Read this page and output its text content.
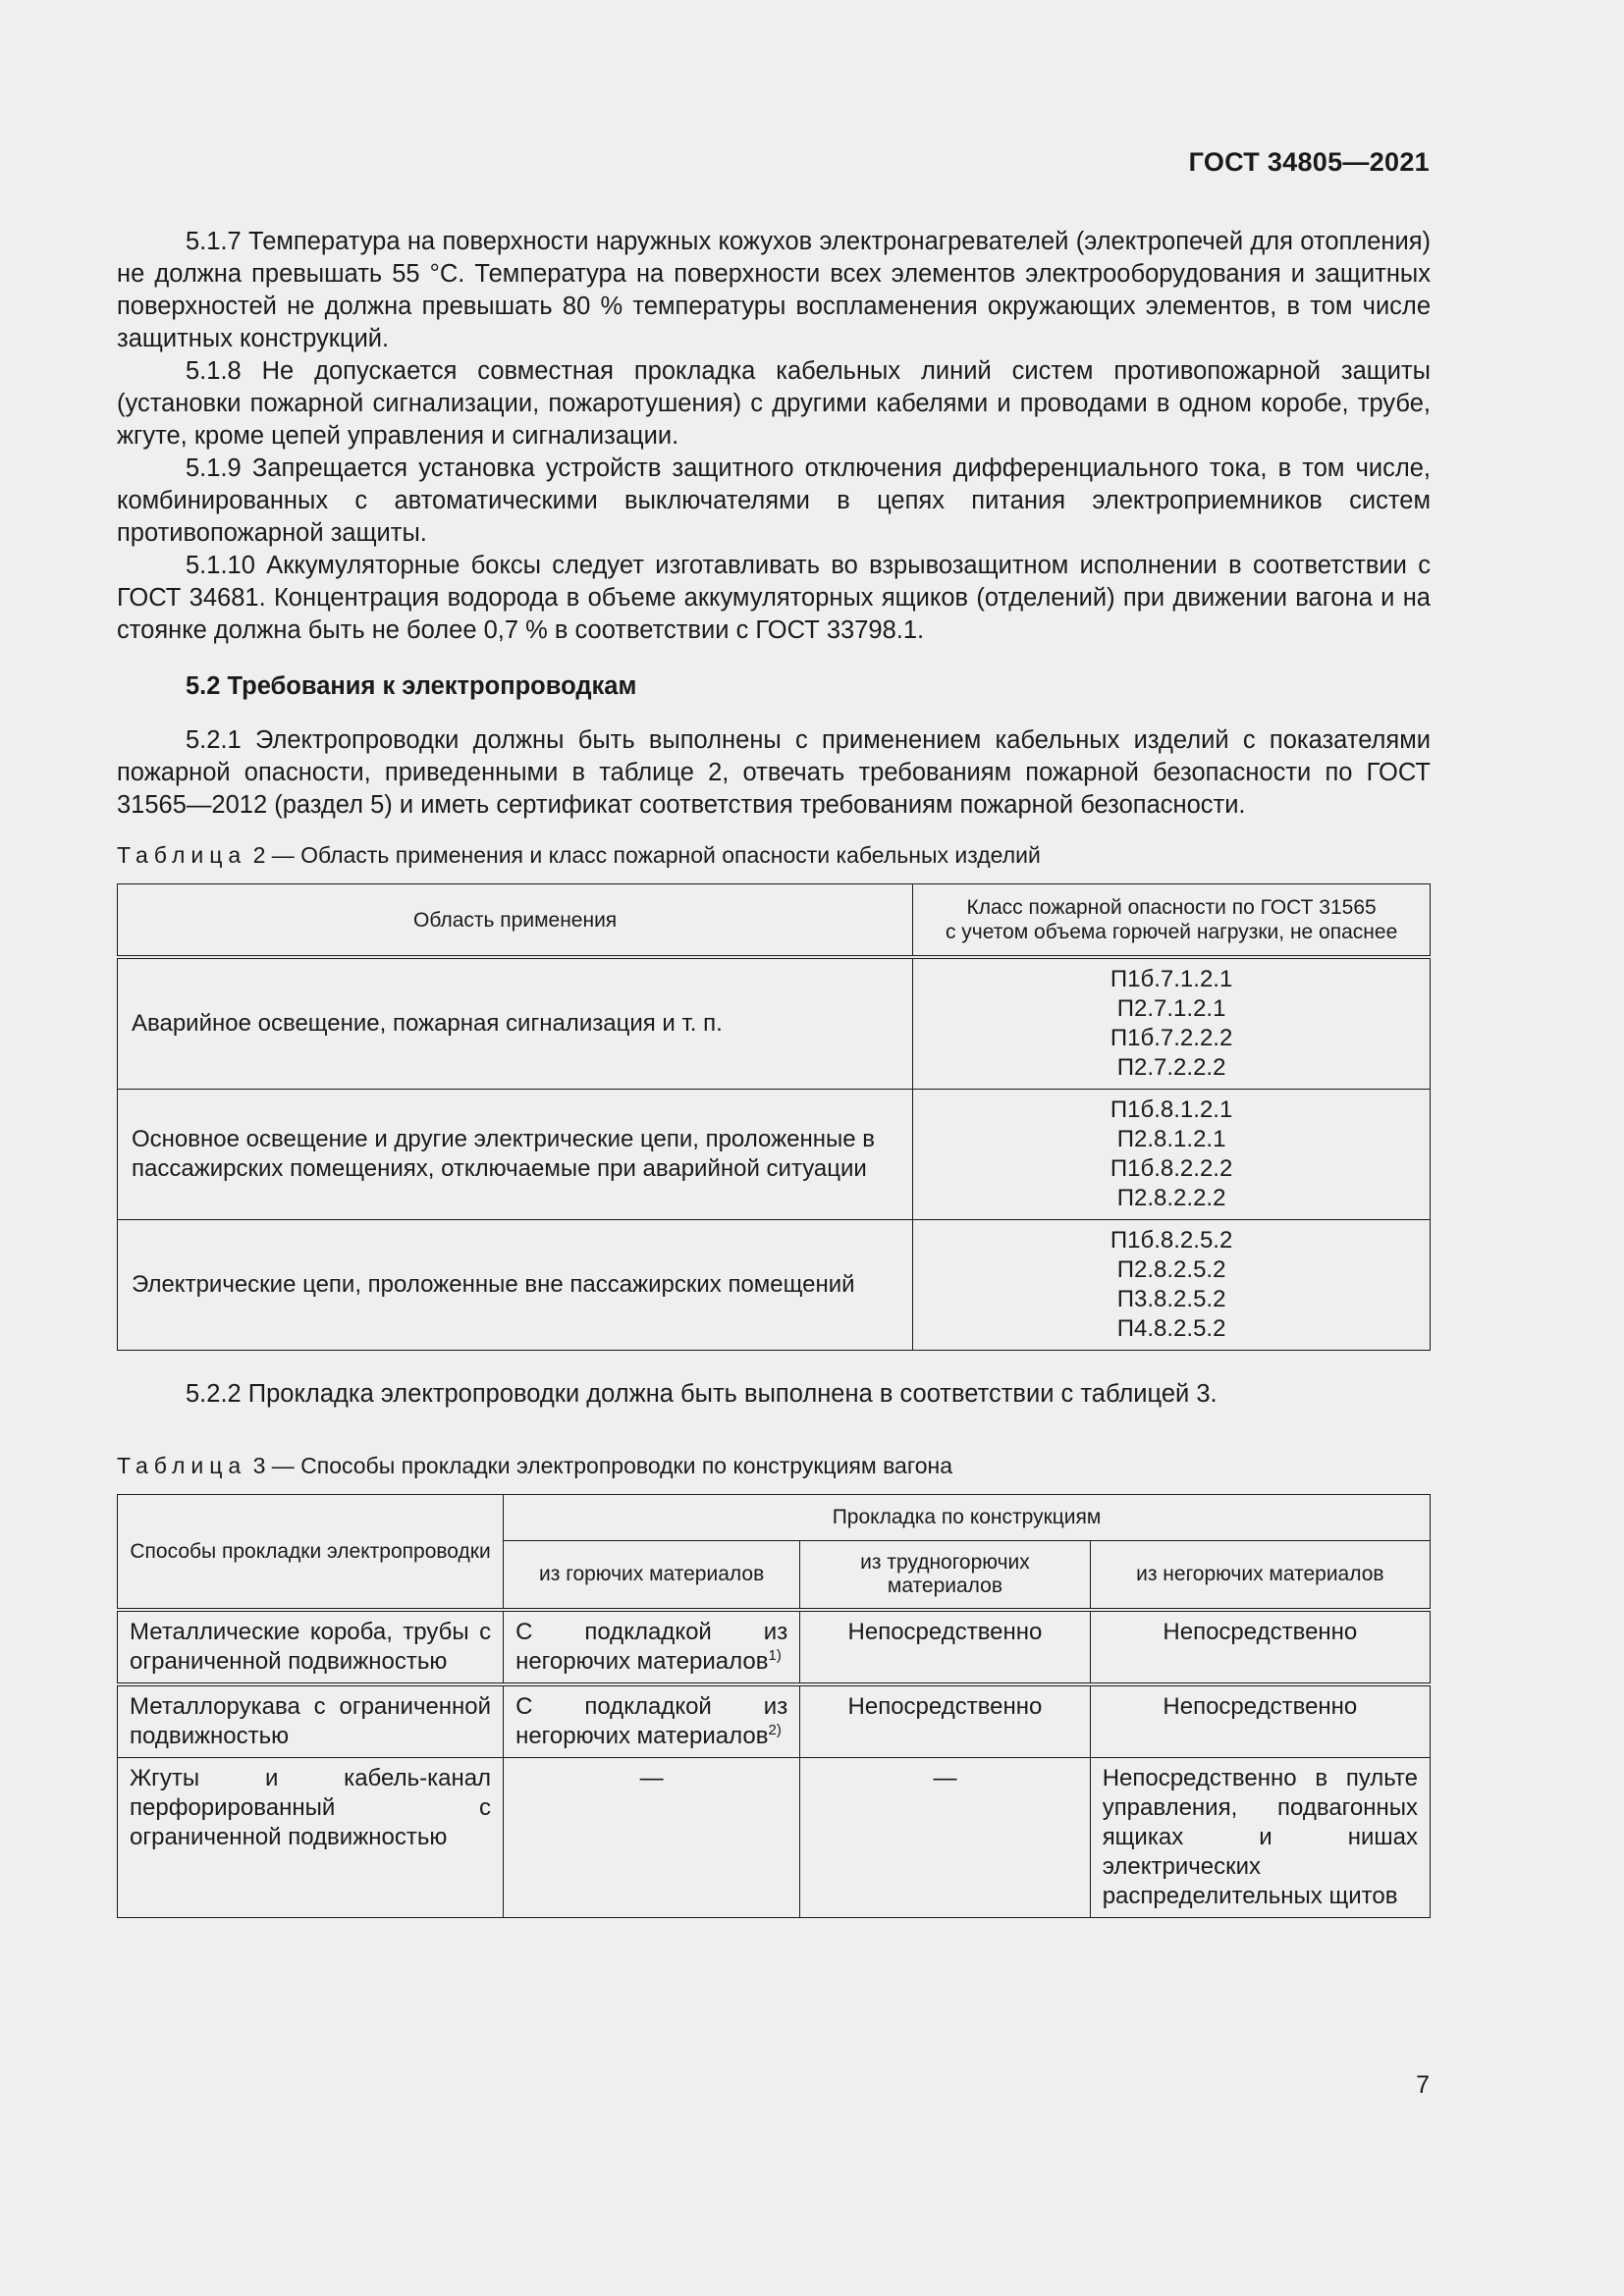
ГОСТ 34805—2021

5.1.7 Температура на поверхности наружных кожухов электронагревателей (электропечей для отопления) не должна превышать 55 °С. Температура на поверхности всех элементов электрооборудования и защитных поверхностей не должна превышать 80 % температуры воспламенения окружающих элементов, в том числе защитных конструкций.

5.1.8 Не допускается совместная прокладка кабельных линий систем противопожарной защиты (установки пожарной сигнализации, пожаротушения) с другими кабелями и проводами в одном коробе, трубе, жгуте, кроме цепей управления и сигнализации.

5.1.9 Запрещается установка устройств защитного отключения дифференциального тока, в том числе, комбинированных с автоматическими выключателями в цепях питания электроприемников систем противопожарной защиты.

5.1.10 Аккумуляторные боксы следует изготавливать во взрывозащитном исполнении в соответствии с ГОСТ 34681. Концентрация водорода в объеме аккумуляторных ящиков (отделений) при движении вагона и на стоянке должна быть не более 0,7 % в соответствии с ГОСТ 33798.1.

5.2 Требования к электропроводкам

5.2.1 Электропроводки должны быть выполнены с применением кабельных изделий с показателями пожарной опасности, приведенными в таблице 2, отвечать требованиям пожарной безопасности по ГОСТ 31565—2012 (раздел 5) и иметь сертификат соответствия требованиям пожарной безопасности.

Таблица 2 — Область применения и класс пожарной опасности кабельных изделий
Область применения	Класс пожарной опасности по ГОСТ 31565
с учетом объема горючей нагрузки, не опаснее

Аварийное освещение, пожарная сигнализация и т. п.	П1б.7.1.2.1
П2.7.1.2.1
П1б.7.2.2.2
П2.7.2.2.2

Основное освещение и другие электрические цепи, проложенные в пассажирских помещениях, отключаемые при аварийной ситуации	П1б.8.1.2.1
П2.8.1.2.1
П1б.8.2.2.2
П2.8.2.2.2

Электрические цепи, проложенные вне пассажирских помещений	П1б.8.2.5.2
П2.8.2.5.2
П3.8.2.5.2
П4.8.2.5.2

5.2.2 Прокладка электропроводки должна быть выполнена в соответствии с таблицей 3.

Таблица 3 — Способы прокладки электропроводки по конструкциям вагона
Способы прокладки электропроводки	Прокладка по конструкциям		
	из горючих материалов	из трудногорючих материалов	из негорючих материалов
Металлические короба, трубы с ограниченной подвижностью	С подкладкой из негорючих материалов$^{1)}$	Непосредственно	Непосредственно
Металлорукава с ограниченной подвижностью	С подкладкой из негорючих материалов$^{2)}$	Непосредственно	Непосредственно
Жгуты и кабель-канал перфорированный с ограниченной подвижностью	—	—	Непосредственно в пульте управления, подвагонных ящиках и нишах электрических распределительных щитов
7
